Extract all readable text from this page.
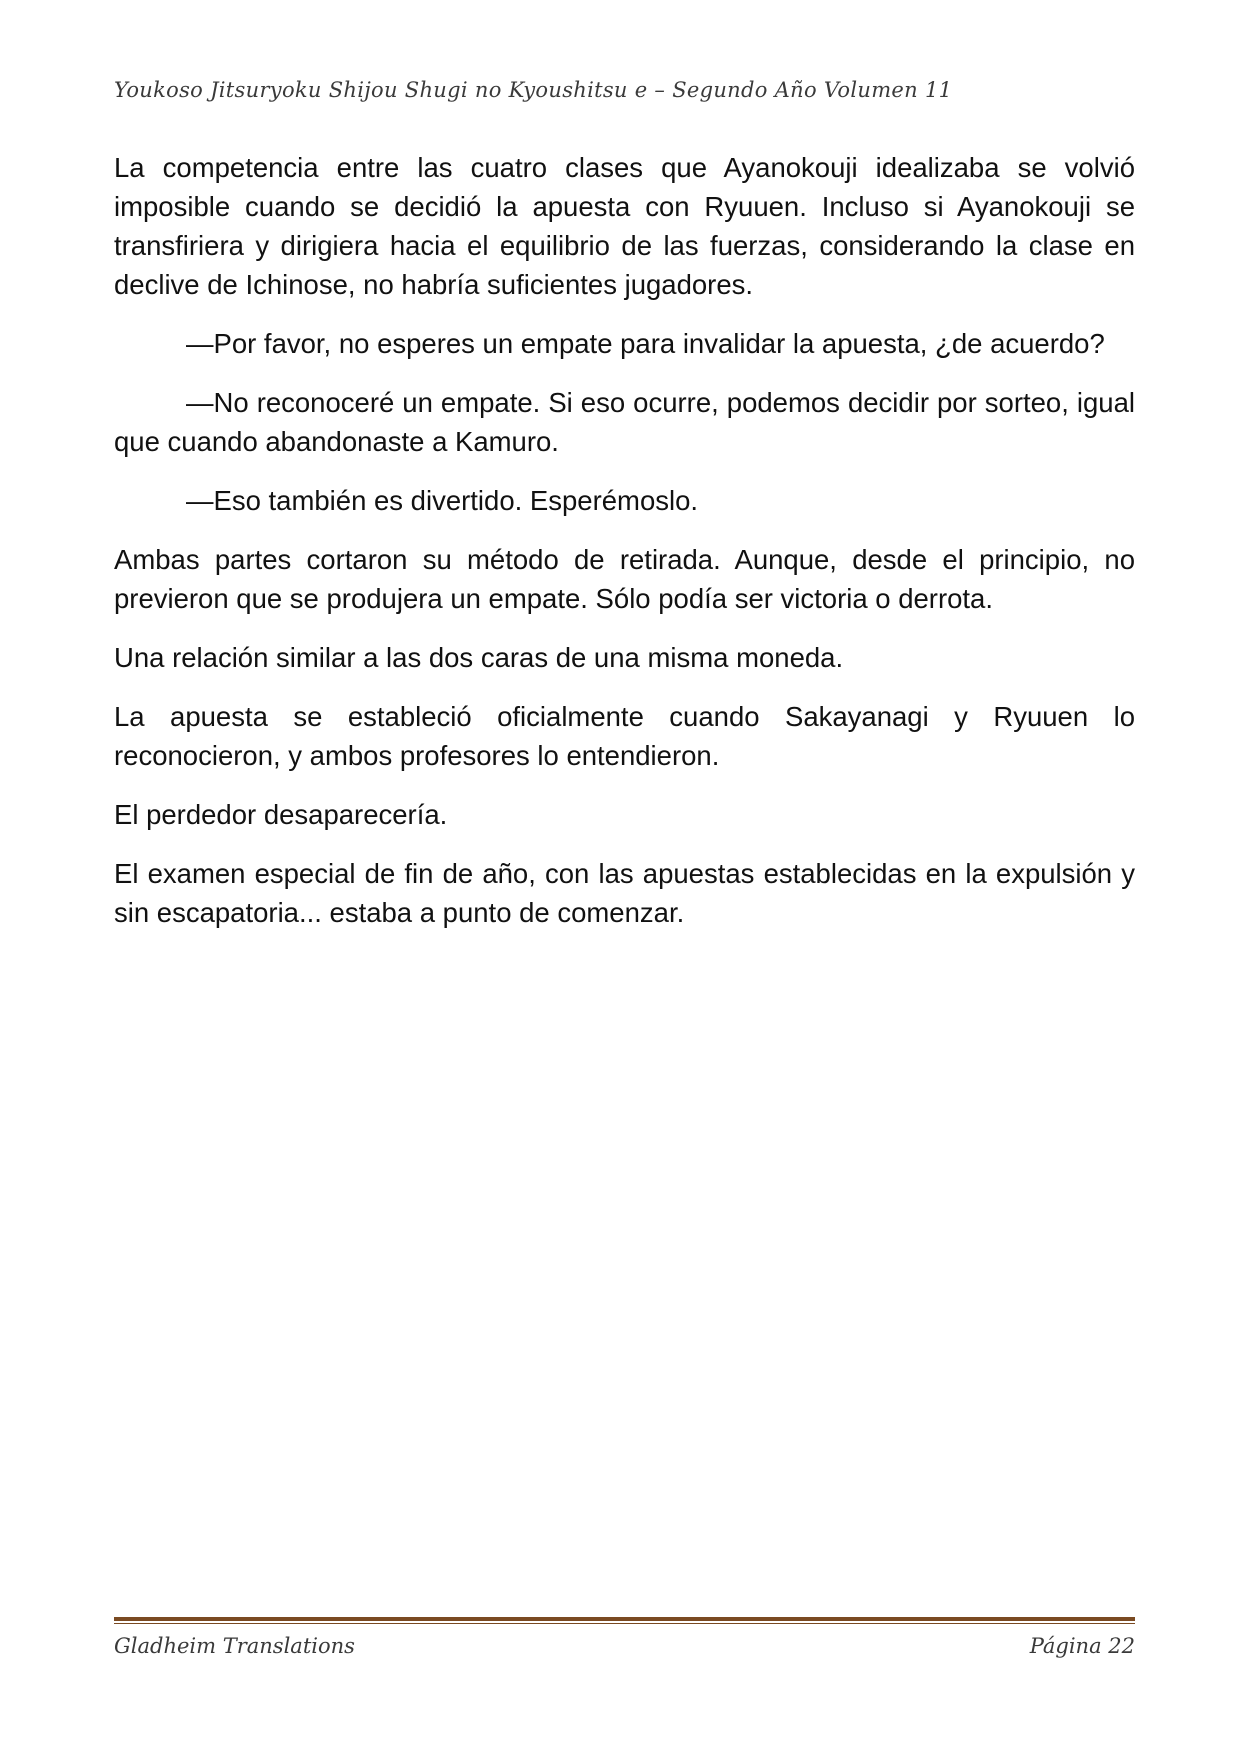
Youkoso Jitsuryoku Shijou Shugi no Kyoushitsu e – Segundo Año Volumen 11

La competencia entre las cuatro clases que Ayanokouji idealizaba se volvió imposible cuando se decidió la apuesta con Ryuuen. Incluso si Ayanokouji se transfiriera y dirigiera hacia el equilibrio de las fuerzas, considerando la clase en declive de Ichinose, no habría suficientes jugadores.

—Por favor, no esperes un empate para invalidar la apuesta, ¿de acuerdo?

—No reconoceré un empate. Si eso ocurre, podemos decidir por sorteo, igual que cuando abandonaste a Kamuro.

—Eso también es divertido. Esperémoslo.

Ambas partes cortaron su método de retirada. Aunque, desde el principio, no previeron que se produjera un empate. Sólo podía ser victoria o derrota.

Una relación similar a las dos caras de una misma moneda.

La apuesta se estableció oficialmente cuando Sakayanagi y Ryuuen lo reconocieron, y ambos profesores lo entendieron.

El perdedor desaparecería.

El examen especial de fin de año, con las apuestas establecidas en la expulsión y sin escapatoria... estaba a punto de comenzar.

Gladheim Translations	Página 22
